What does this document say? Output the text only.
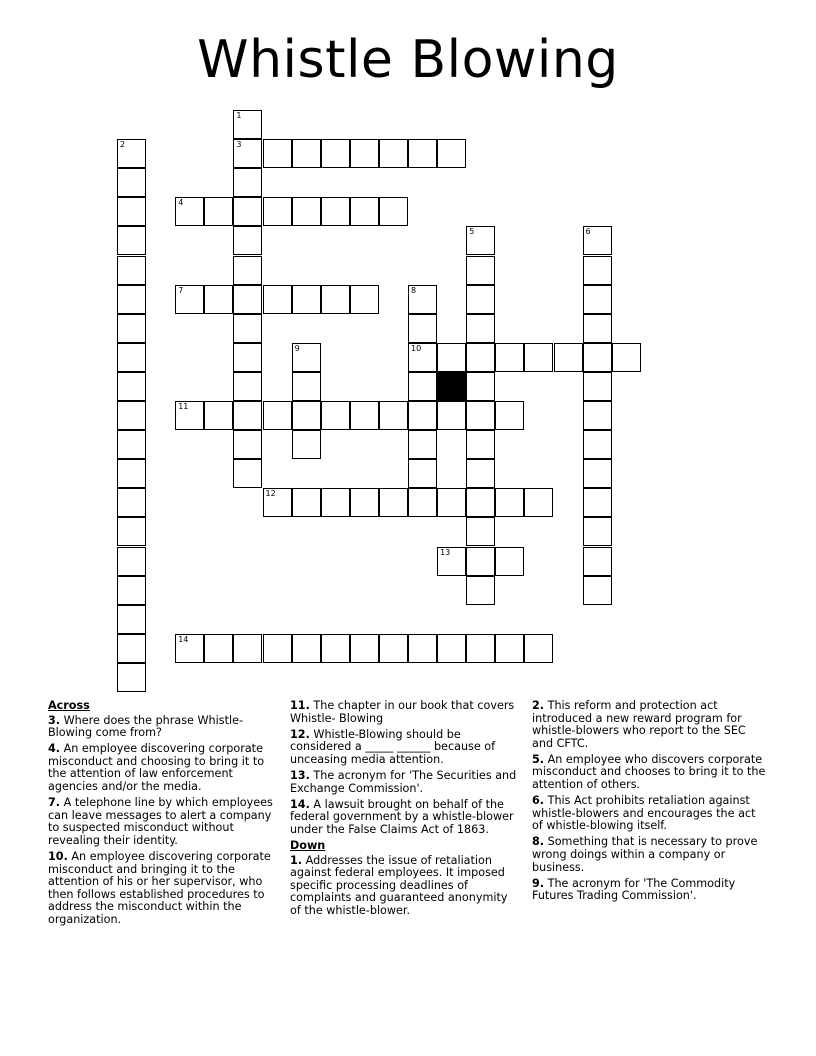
Whistle Blowing
1
2	3
4
5	6
7	8
9	10
11
12
13
14

Across

3. Where does the phrase Whistle-Blowing come from?

4. An employee discovering corporate misconduct and choosing to bring it to the attention of law enforcement agencies and/or the media.

7. A telephone line by which employees can leave messages to alert a company to suspected misconduct without revealing their identity.

10. An employee discovering corporate misconduct and bringing it to the attention of his or her supervisor, who then follows established procedures to address the misconduct within the organization.

11. The chapter in our book that covers Whistle- Blowing

12. Whistle-Blowing should be considered a _____ ______ because of unceasing media attention.

13. The acronym for 'The Securities and Exchange Commission'.

14. A lawsuit brought on behalf of the federal government by a whistle-blower under the False Claims Act of 1863.

Down

1. Addresses the issue of retaliation against federal employees. It imposed specific processing deadlines of complaints and guaranteed anonymity of the whistle-blower.

2. This reform and protection act introduced a new reward program for whistle-blowers who report to the SEC and CFTC.

5. An employee who discovers corporate misconduct and chooses to bring it to the attention of others.

6. This Act prohibits retaliation against whistle-blowers and encourages the act of whistle-blowing itself.

8. Something that is necessary to prove wrong doings within a company or business.

9. The acronym for 'The Commodity Futures Trading Commission'.
